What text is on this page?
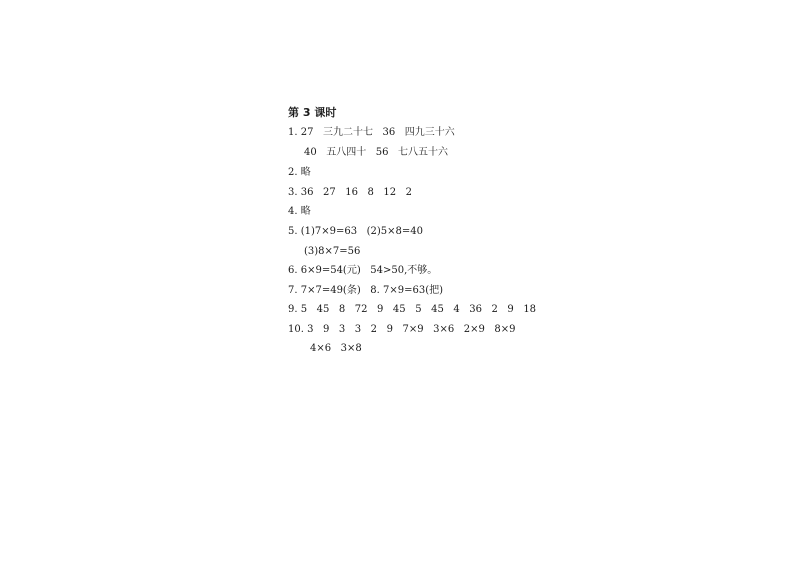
第 3 课时
1. 27   三九二十七   36   四九三十六
40   五八四十   56   七八五十六
2. 略
3. 36   27   16   8   12   2
4. 略
5. (1)7×9=63   (2)5×8=40
(3)8×7=56
6. 6×9=54(元)   54>50,不够。
7. 7×7=49(条)   8. 7×9=63(把)
9. 5   45   8   72   9   45   5   45   4   36   2   9   18
10. 3   9   3   3   2   9   7×9   3×6   2×9   8×9
4×6   3×8
